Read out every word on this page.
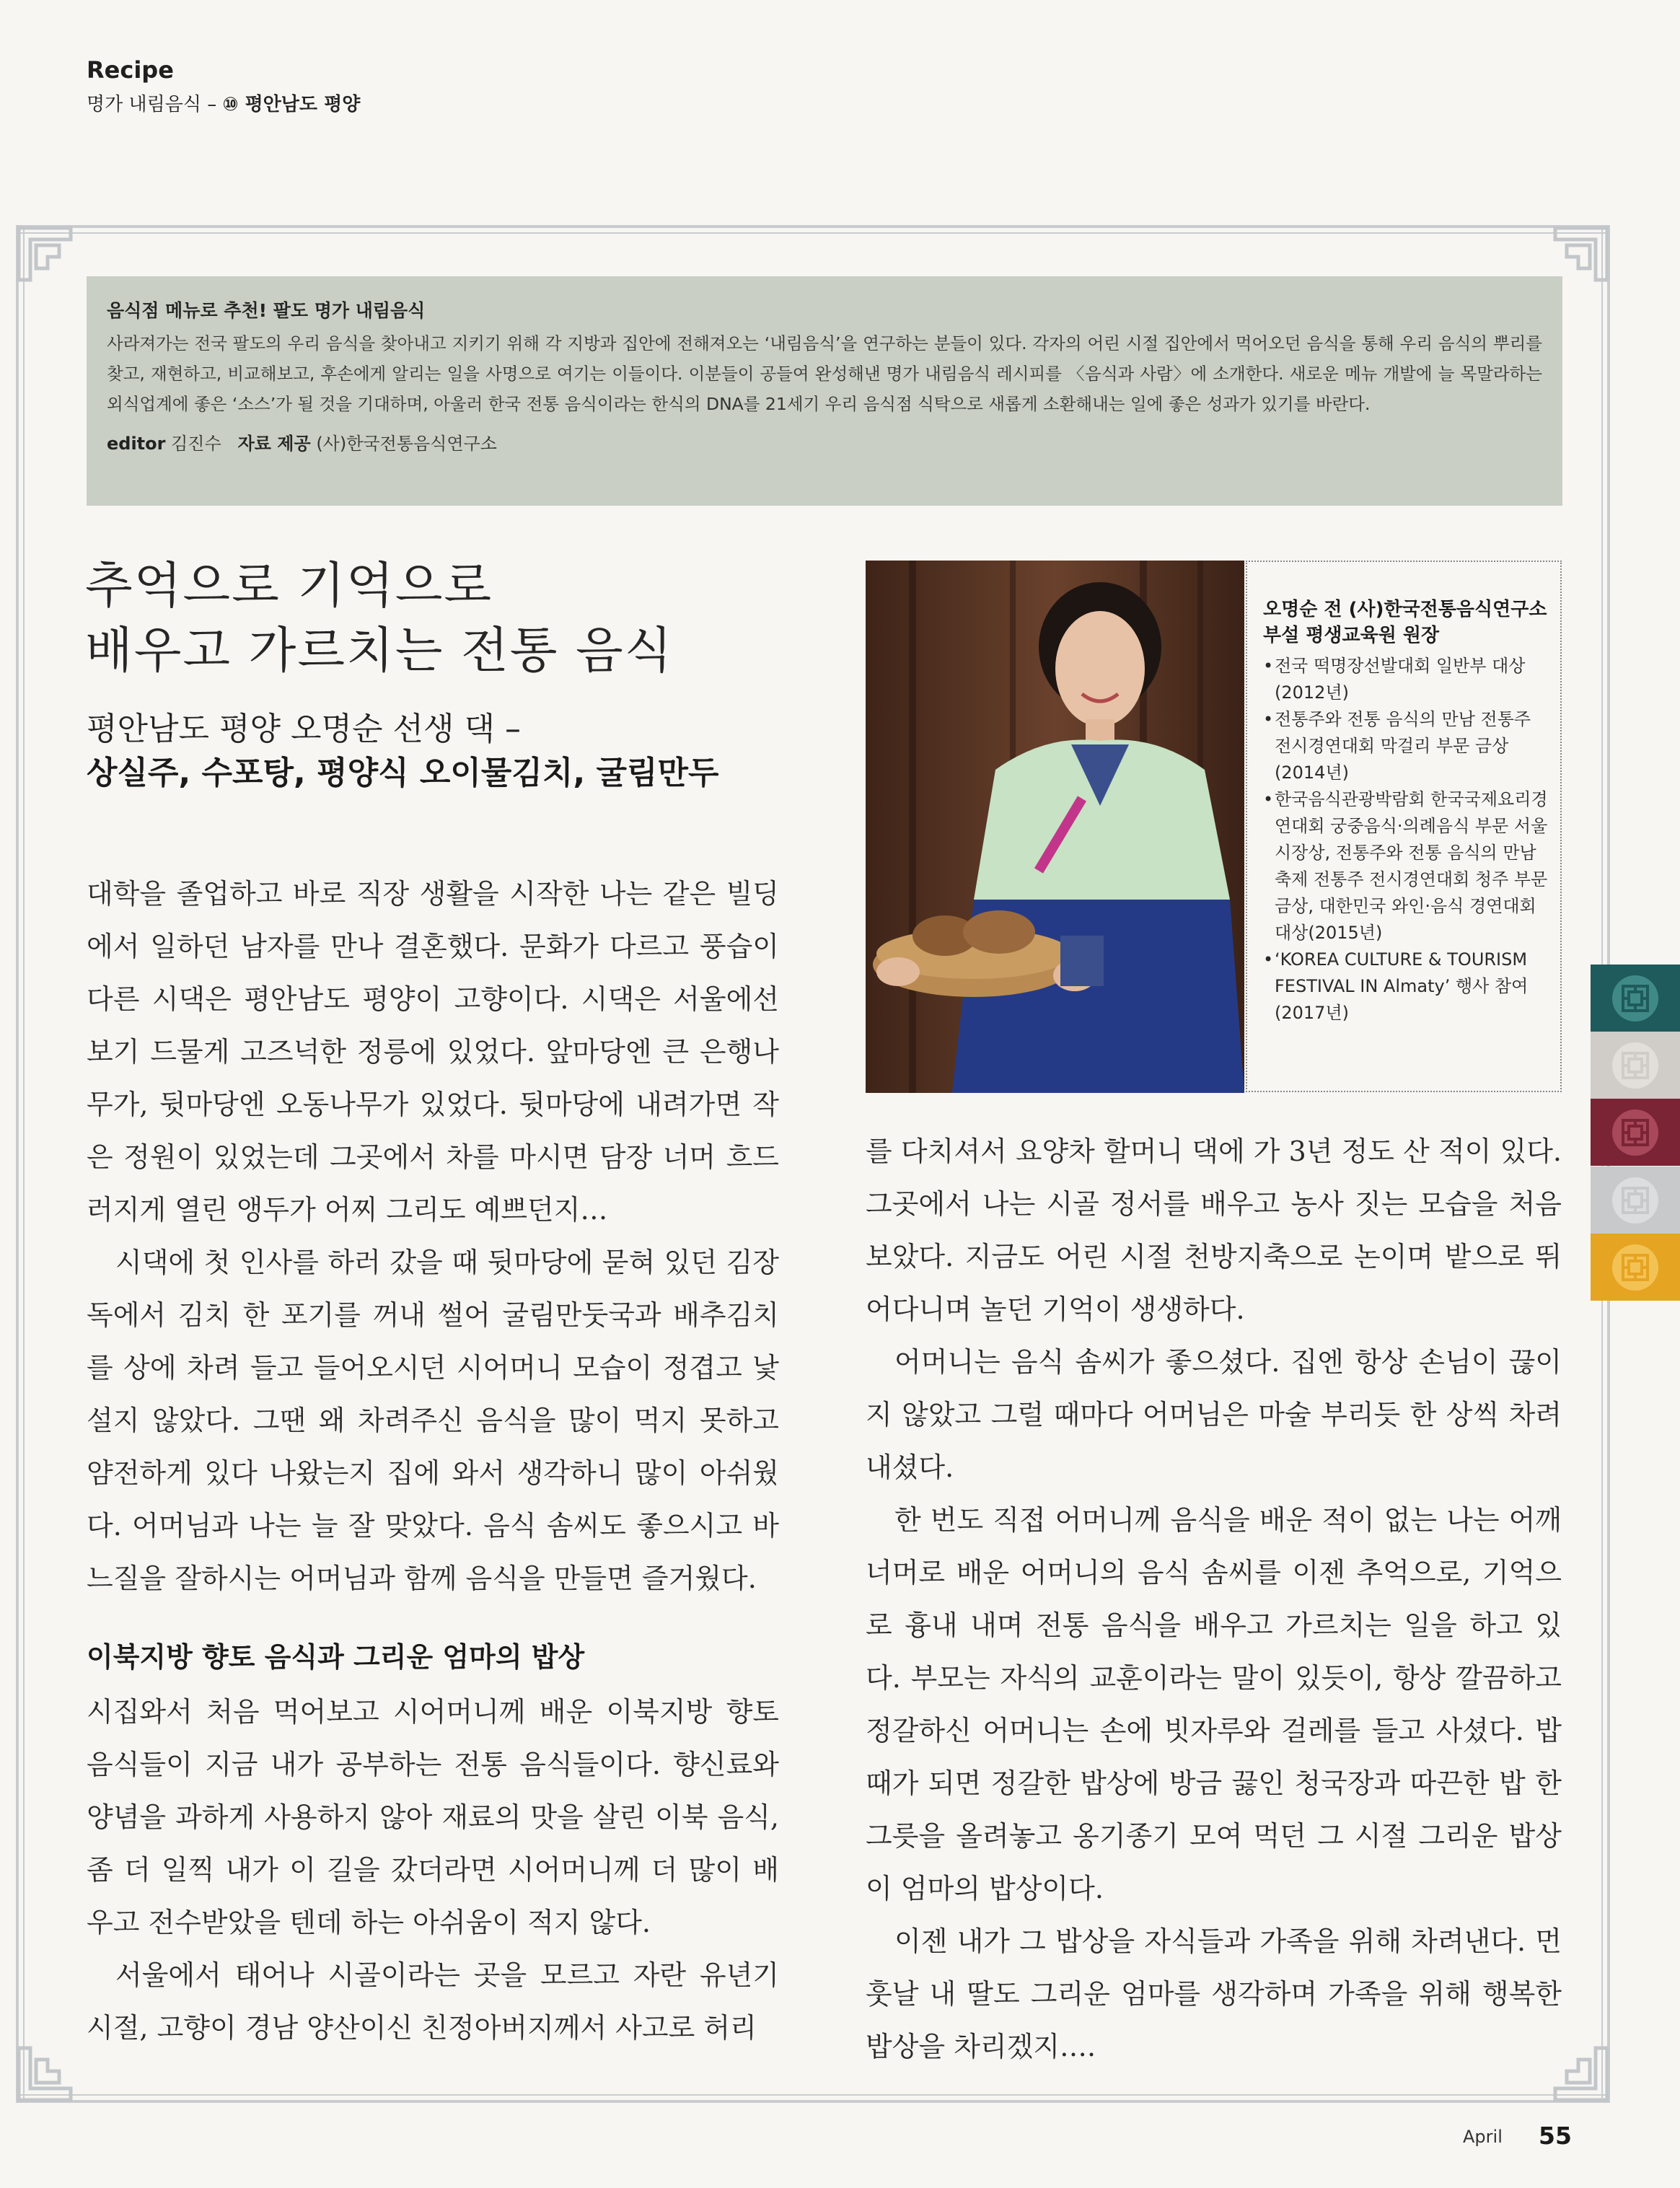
Recipe
명가 내림음식 – ⑩ 평안남도 평양
음식점 메뉴로 추천! 팔도 명가 내림음식
사라져가는 전국 팔도의 우리 음식을 찾아내고 지키기 위해 각 지방과 집안에 전해져오는 ‘내림음식’을 연구하는 분들이 있다. 각자의 어린 시절 집안에서 먹어오던 음식을 통해 우리 음식의 뿌리를 찾고, 재현하고, 비교해보고, 후손에게 알리는 일을 사명으로 여기는 이들이다. 이분들이 공들여 완성해낸 명가 내림음식 레시피를 〈음식과 사람〉에 소개한다. 새로운 메뉴 개발에 늘 목말라하는 외식업계에 좋은 ‘소스’가 될 것을 기대하며, 아울러 한국 전통 음식이라는 한식의 DNA를 21세기 우리 음식점 식탁으로 새롭게 소환해내는 일에 좋은 성과가 있기를 바란다.
editor 김진수 자료 제공 (사)한국전통음식연구소
추억으로 기억으로
배우고 가르치는 전통 음식
평안남도 평양 오명순 선생 댁 –
상실주, 수포탕, 평양식 오이물김치, 굴림만두

대학을 졸업하고 바로 직장 생활을 시작한 나는 같은 빌딩에서 일하던 남자를 만나 결혼했다. 문화가 다르고 풍습이 다른 시댁은 평안남도 평양이 고향이다. 시댁은 서울에선 보기 드물게 고즈넉한 정릉에 있었다. 앞마당엔 큰 은행나무가, 뒷마당엔 오동나무가 있었다. 뒷마당에 내려가면 작은 정원이 있었는데 그곳에서 차를 마시면 담장 너머 흐드러지게 열린 앵두가 어찌 그리도 예쁘던지…

시댁에 첫 인사를 하러 갔을 때 뒷마당에 묻혀 있던 김장독에서 김치 한 포기를 꺼내 썰어 굴림만둣국과 배추김치를 상에 차려 들고 들어오시던 시어머니 모습이 정겹고 낯설지 않았다. 그땐 왜 차려주신 음식을 많이 먹지 못하고 얌전하게 있다 나왔는지 집에 와서 생각하니 많이 아쉬웠다. 어머님과 나는 늘 잘 맞았다. 음식 솜씨도 좋으시고 바느질을 잘하시는 어머님과 함께 음식을 만들면 즐거웠다.

이북지방 향토 음식과 그리운 엄마의 밥상

시집와서 처음 먹어보고 시어머니께 배운 이북지방 향토 음식들이 지금 내가 공부하는 전통 음식들이다. 향신료와 양념을 과하게 사용하지 않아 재료의 맛을 살린 이북 음식, 좀 더 일찍 내가 이 길을 갔더라면 시어머니께 더 많이 배우고 전수받았을 텐데 하는 아쉬움이 적지 않다.

서울에서 태어나 시골이라는 곳을 모르고 자란 유년기 시절, 고향이 경남 양산이신 친정아버지께서 사고로 허리

오명순 전 (사)한국전통음식연구소 부설 평생교육원 원장
• 전국 떡명장선발대회 일반부 대상(2012년)
• 전통주와 전통 음식의 만남 전통주 전시경연대회 막걸리 부문 금상(2014년)
• 한국음식관광박람회 한국국제요리경연대회 궁중음식·의례음식 부문 서울시장상, 전통주와 전통 음식의 만남축제 전통주 전시경연대회 청주 부문 금상, 대한민국 와인·음식 경연대회 대상(2015년)
• ‘KOREA CULTURE & TOURISM FESTIVAL IN Almaty’ 행사 참여(2017년)

를 다치셔서 요양차 할머니 댁에 가 3년 정도 산 적이 있다. 그곳에서 나는 시골 정서를 배우고 농사 짓는 모습을 처음 보았다. 지금도 어린 시절 천방지축으로 논이며 밭으로 뛰어다니며 놀던 기억이 생생하다.

어머니는 음식 솜씨가 좋으셨다. 집엔 항상 손님이 끊이지 않았고 그럴 때마다 어머님은 마술 부리듯 한 상씩 차려내셨다.

한 번도 직접 어머니께 음식을 배운 적이 없는 나는 어깨너머로 배운 어머니의 음식 솜씨를 이젠 추억으로, 기억으로 흉내 내며 전통 음식을 배우고 가르치는 일을 하고 있다. 부모는 자식의 교훈이라는 말이 있듯이, 항상 깔끔하고 정갈하신 어머니는 손에 빗자루와 걸레를 들고 사셨다. 밥때가 되면 정갈한 밥상에 방금 끓인 청국장과 따끈한 밥 한 그릇을 올려놓고 옹기종기 모여 먹던 그 시절 그리운 밥상이 엄마의 밥상이다.

이젠 내가 그 밥상을 자식들과 가족을 위해 차려낸다. 먼 훗날 내 딸도 그리운 엄마를 생각하며 가족을 위해 행복한 밥상을 차리겠지….

April 55
